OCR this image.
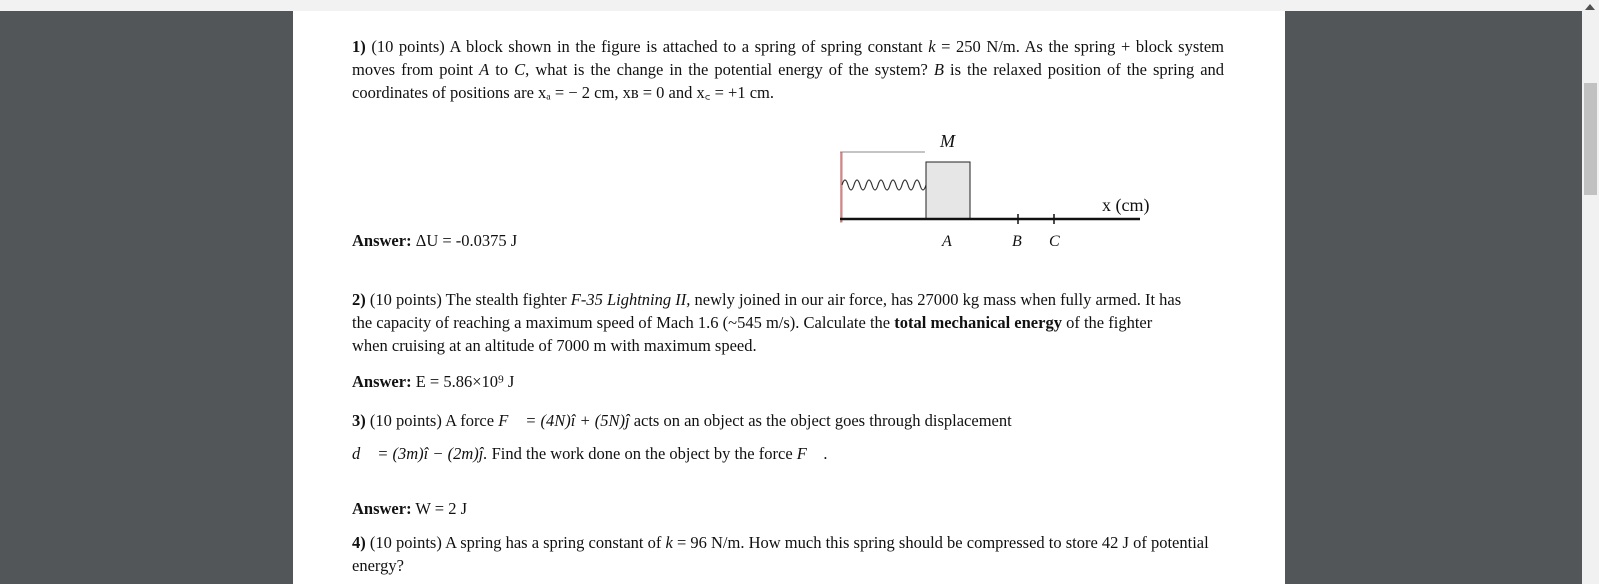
1) (10 points) A block shown in the figure is attached to a spring of spring constant k = 250 N/m. As the spring + block system moves from point A to C, what is the change in the potential energy of the system? B is the relaxed position of the spring and coordinates of positions are xₐ = − 2 cm, xʙ = 0 and x꜀ = +1 cm.
Answer: ΔU = -0.0375 J
M
x (cm)
A	B C
2) (10 points) The stealth fighter F-35 Lightning II, newly joined in our air force, has 27000 kg mass when fully armed. It has the capacity of reaching a maximum speed of Mach 1.6 (~545 m/s). Calculate the total mechanical energy of the fighter when cruising at an altitude of 7000 m with maximum speed.
Answer: E = 5.86×10⁹ J
3) (10 points) A force F⃗ = (4N)î + (5N)ĵ acts on an object as the object goes through displacement
d⃗ = (3m)î − (2m)ĵ. Find the work done on the object by the force F⃗ .
Answer: W = 2 J
4) (10 points) A spring has a spring constant of k = 96 N/m. How much this spring should be compressed to store 42 J of potential energy?
